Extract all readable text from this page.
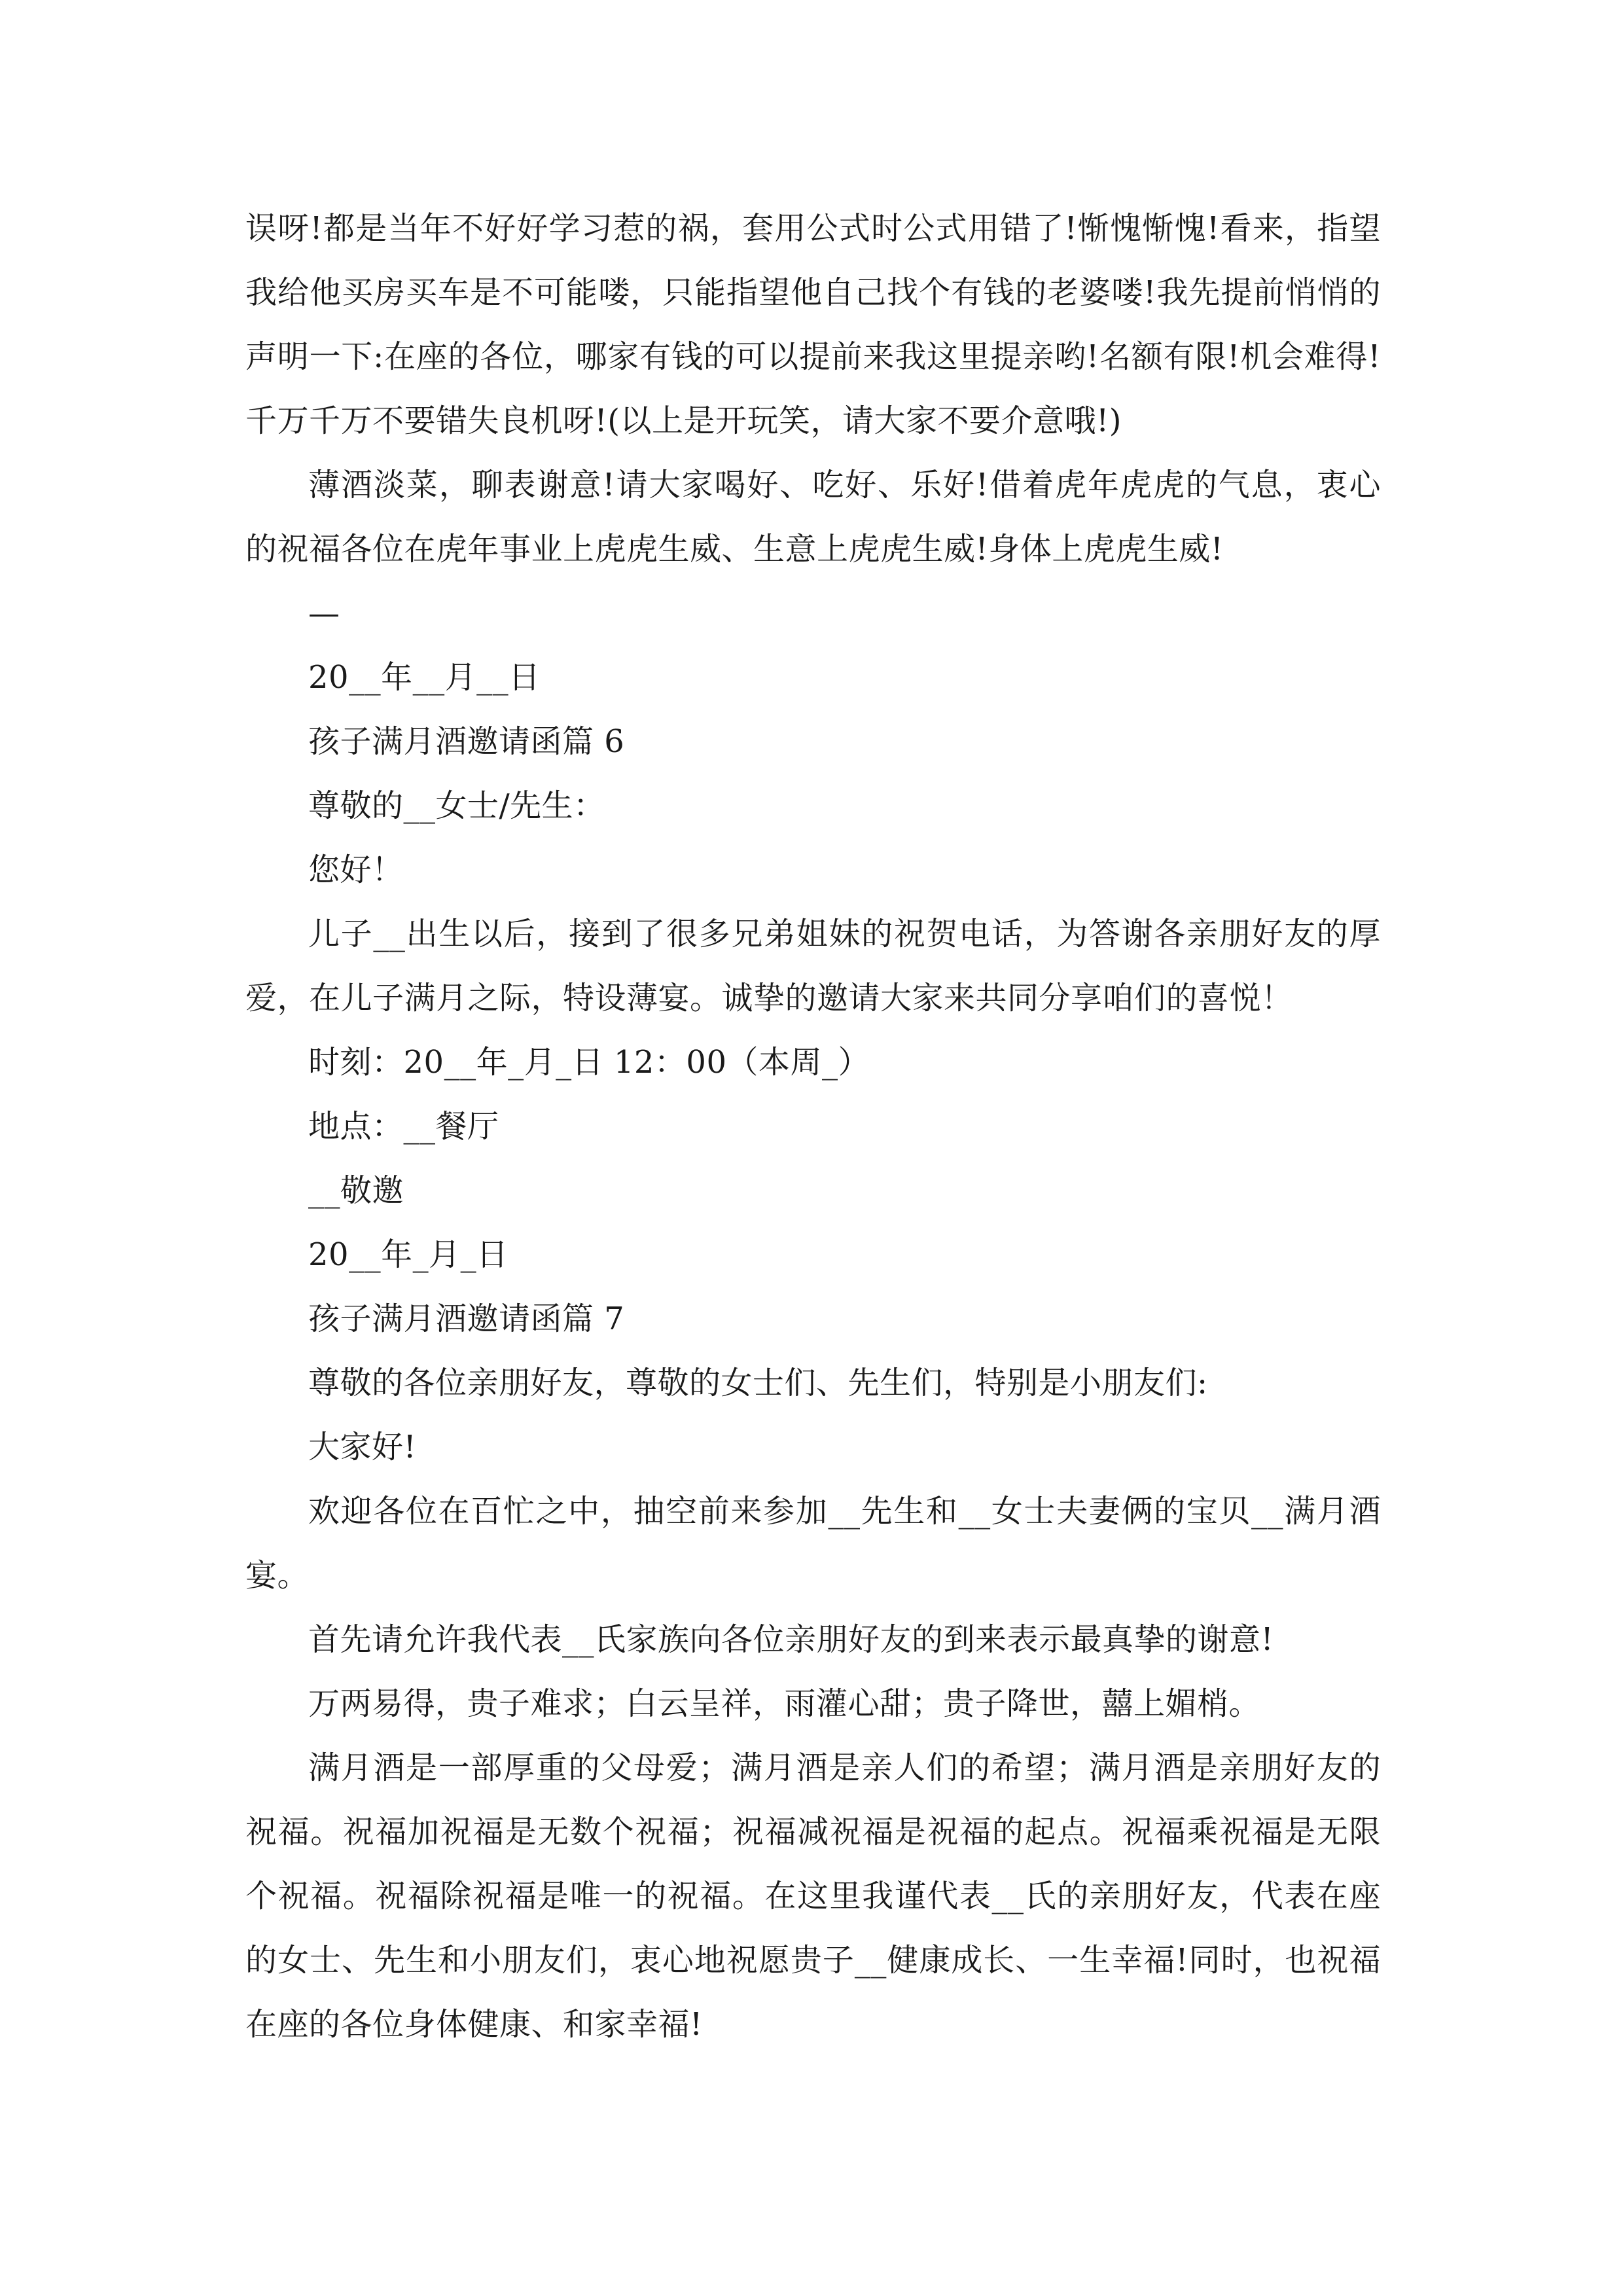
误呀!都是当年不好好学习惹的祸，套用公式时公式用错了!惭愧惭愧!看来，指望我给他买房买车是不可能喽，只能指望他自己找个有钱的老婆喽!我先提前悄悄的声明一下:在座的各位，哪家有钱的可以提前来我这里提亲哟!名额有限!机会难得!千万千万不要错失良机呀!(以上是开玩笑，请大家不要介意哦!)

薄酒淡菜，聊表谢意!请大家喝好、吃好、乐好!借着虎年虎虎的气息，衷心的祝福各位在虎年事业上虎虎生威、生意上虎虎生威!身体上虎虎生威!

—

20__年__月__日

孩子满月酒邀请函篇 6

尊敬的__女士/先生：

您好！

儿子__出生以后，接到了很多兄弟姐妹的祝贺电话，为答谢各亲朋好友的厚爱，在儿子满月之际，特设薄宴。诚挚的邀请大家来共同分享咱们的喜悦！

时刻：20__年_月_日 12：00（本周_）

地点：__餐厅

__敬邀

20__年_月_日

孩子满月酒邀请函篇 7

尊敬的各位亲朋好友，尊敬的女士们、先生们，特别是小朋友们:

大家好!

欢迎各位在百忙之中，抽空前来参加__先生和__女士夫妻俩的宝贝__满月酒宴。

首先请允许我代表__氏家族向各位亲朋好友的到来表示最真挚的谢意!

万两易得，贵子难求；白云呈祥，雨灌心甜；贵子降世，囍上媚梢。

满月酒是一部厚重的父母爱；满月酒是亲人们的希望；满月酒是亲朋好友的祝福。祝福加祝福是无数个祝福；祝福减祝福是祝福的起点。祝福乘祝福是无限个祝福。祝福除祝福是唯一的祝福。在这里我谨代表__氏的亲朋好友，代表在座的女士、先生和小朋友们，衷心地祝愿贵子__健康成长、一生幸福!同时，也祝福在座的各位身体健康、和家幸福!
